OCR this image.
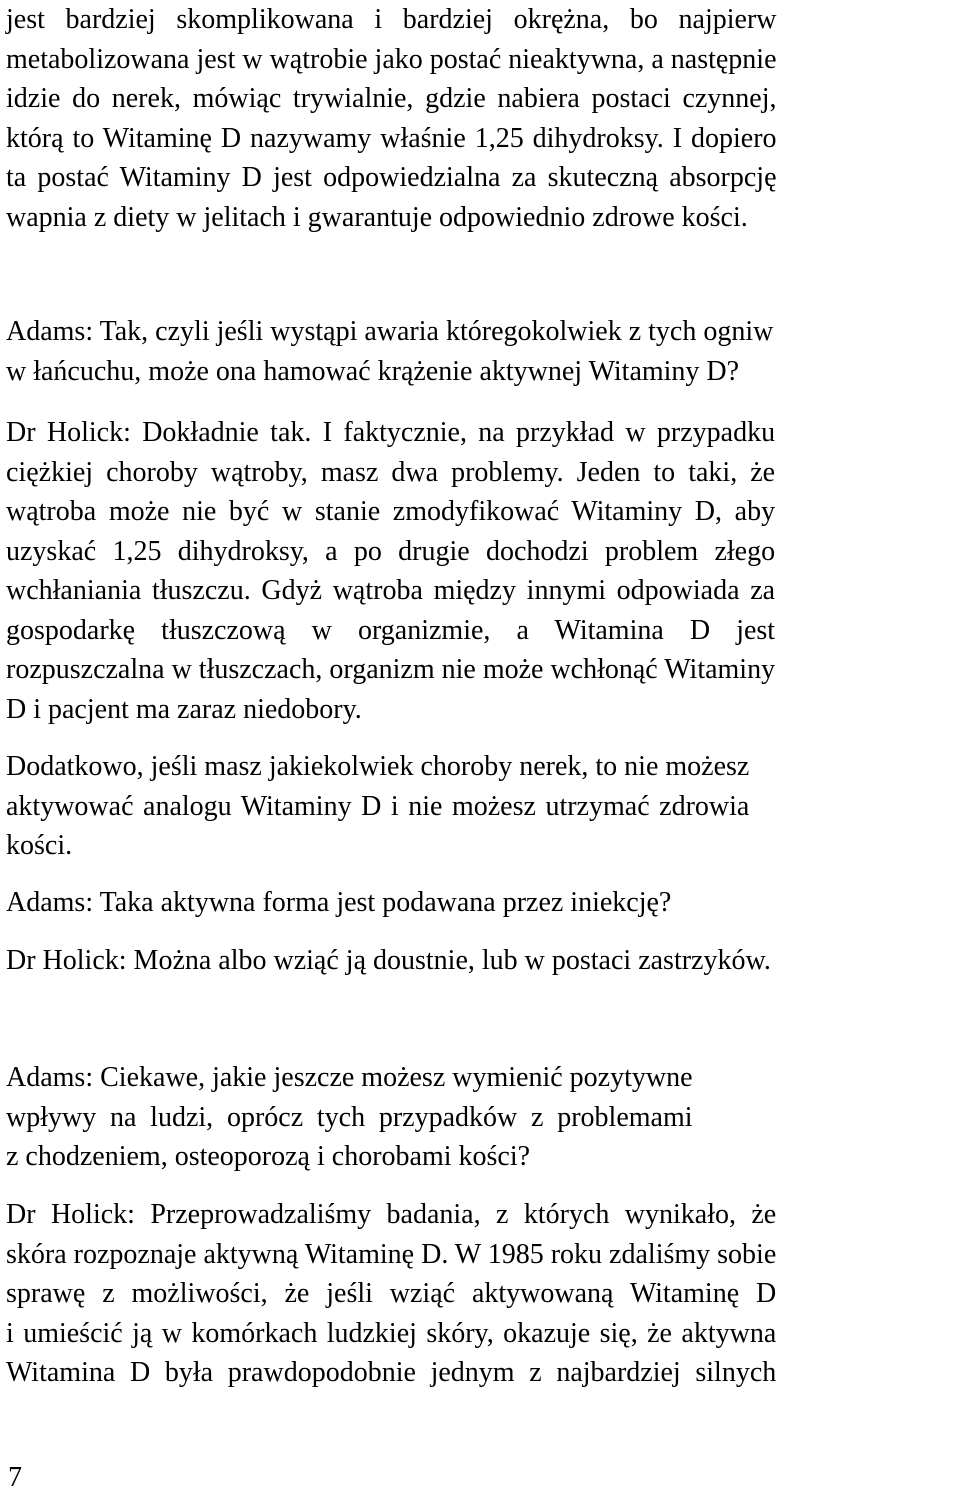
jest bardziej skomplikowana i bardziej okrężna, bo najpierw
metabolizowana jest w wątrobie jako postać nieaktywna, a następnie
idzie do nerek, mówiąc trywialnie, gdzie nabiera postaci czynnej,
którą to Witaminę D nazywamy właśnie 1,25 dihydroksy. I dopiero
ta postać Witaminy D jest odpowiedzialna za skuteczną absorpcję
wapnia z diety w jelitach i gwarantuje odpowiednio zdrowe kości.
Adams: Tak, czyli jeśli wystąpi awaria któregokolwiek z tych ogniw
w łańcuchu, może ona hamować krążenie aktywnej Witaminy D?
Dr Holick: Dokładnie tak. I faktycznie, na przykład w przypadku
ciężkiej choroby wątroby, masz dwa problemy. Jeden to taki, że
wątroba może nie być w stanie zmodyfikować Witaminy D, aby
uzyskać 1,25 dihydroksy, a po drugie dochodzi problem złego
wchłaniania tłuszczu. Gdyż wątroba między innymi odpowiada za
gospodarkę tłuszczową w organizmie, a Witamina D jest
rozpuszczalna w tłuszczach, organizm nie może wchłonąć Witaminy
D i pacjent ma zaraz niedobory.
Dodatkowo, jeśli masz jakiekolwiek choroby nerek, to nie możesz
aktywować analogu Witaminy D i nie możesz utrzymać zdrowia
kości.
Adams: Taka aktywna forma jest podawana przez iniekcję?
Dr Holick: Można albo wziąć ją doustnie, lub w postaci zastrzyków.
Adams: Ciekawe, jakie jeszcze możesz wymienić pozytywne
wpływy na ludzi, oprócz tych przypadków z problemami
z chodzeniem, osteoporozą i chorobami kości?
Dr Holick: Przeprowadzaliśmy badania, z których wynikało, że
skóra rozpoznaje aktywną Witaminę D. W 1985 roku zdaliśmy sobie
sprawę z możliwości, że jeśli wziąć aktywowaną Witaminę D
i umieścić ją w komórkach ludzkiej skóry, okazuje się, że aktywna
Witamina D była prawdopodobnie jednym z najbardziej silnych
7
